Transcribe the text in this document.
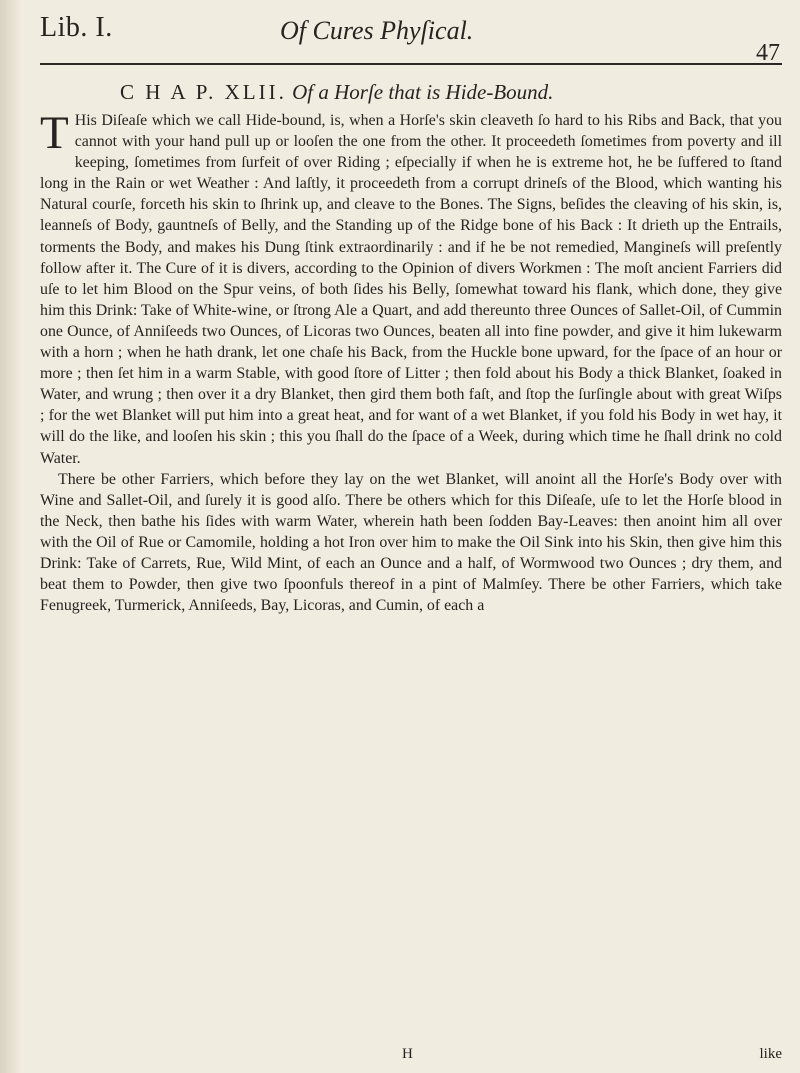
Lib. I.	Of Cures Phyſical.
47
C H A P. XLII. Of a Horſe that is Hide-Bound.

T His Diſeaſe which we call Hide-bound, is, when a Horſe's skin cleaveth ſo hard to his Ribs and Back, that you cannot with your hand pull up or looſen the one from the other. It proceedeth ſometimes from poverty and ill keeping, ſometimes from ſurfeit of over Riding ; eſpecially if when he is extreme hot, he be ſuffered to ſtand long in the Rain or wet Weather : And laſtly, it proceedeth from a corrupt drineſs of the Blood, which wanting his Natural courſe, forceth his skin to ſhrink up, and cleave to the Bones. The Signs, beſides the cleaving of his skin, is, leanneſs of Body, gauntneſs of Belly, and the Standing up of the Ridge bone of his Back : It drieth up the Entrails, torments the Body, and makes his Dung ſtink extraordinarily : and if he be not remedied, Mangineſs will preſently follow after it. The Cure of it is divers, according to the Opinion of divers Workmen : The moſt ancient Farriers did uſe to let him Blood on the Spur veins, of both ſides his Belly, ſomewhat toward his flank, which done, they give him this Drink: Take of White-wine, or ſtrong Ale a Quart, and add thereunto three Ounces of Sallet-Oil, of Cummin one Ounce, of Anniſeeds two Ounces, of Licoras two Ounces, beaten all into fine powder, and give it him lukewarm with a horn ; when he hath drank, let one chaſe his Back, from the Huckle bone upward, for the ſpace of an hour or more ; then ſet him in a warm Stable, with good ſtore of Litter ; then fold about his Body a thick Blanket, ſoaked in Water, and wrung ; then over it a dry Blanket, then gird them both faſt, and ſtop the ſurſingle about with great Wiſps ; for the wet Blanket will put him into a great heat, and for want of a wet Blanket, if you fold his Body in wet hay, it will do the like, and looſen his skin ; this you ſhall do the ſpace of a Week, during which time he ſhall drink no cold Water.

There be other Farriers, which before they lay on the wet Blanket, will anoint all the Horſe's Body over with Wine and Sallet-Oil, and ſurely it is good alſo. There be others which for this Diſeaſe, uſe to let the Horſe blood in the Neck, then bathe his ſides with warm Water, wherein hath been ſodden Bay-Leaves: then anoint him all over with the Oil of Rue or Camomile, holding a hot Iron over him to make the Oil Sink into his Skin, then give him this Drink: Take of Carrets, Rue, Wild Mint, of each an Ounce and a half, of Wormwood two Ounces ; dry them, and beat them to Powder, then give two ſpoonfuls thereof in a pint of Malmſey. There be other Farriers, which take Fenugreek, Turmerick, Anniſeeds, Bay, Licoras, and Cumin, of each a

H	like
